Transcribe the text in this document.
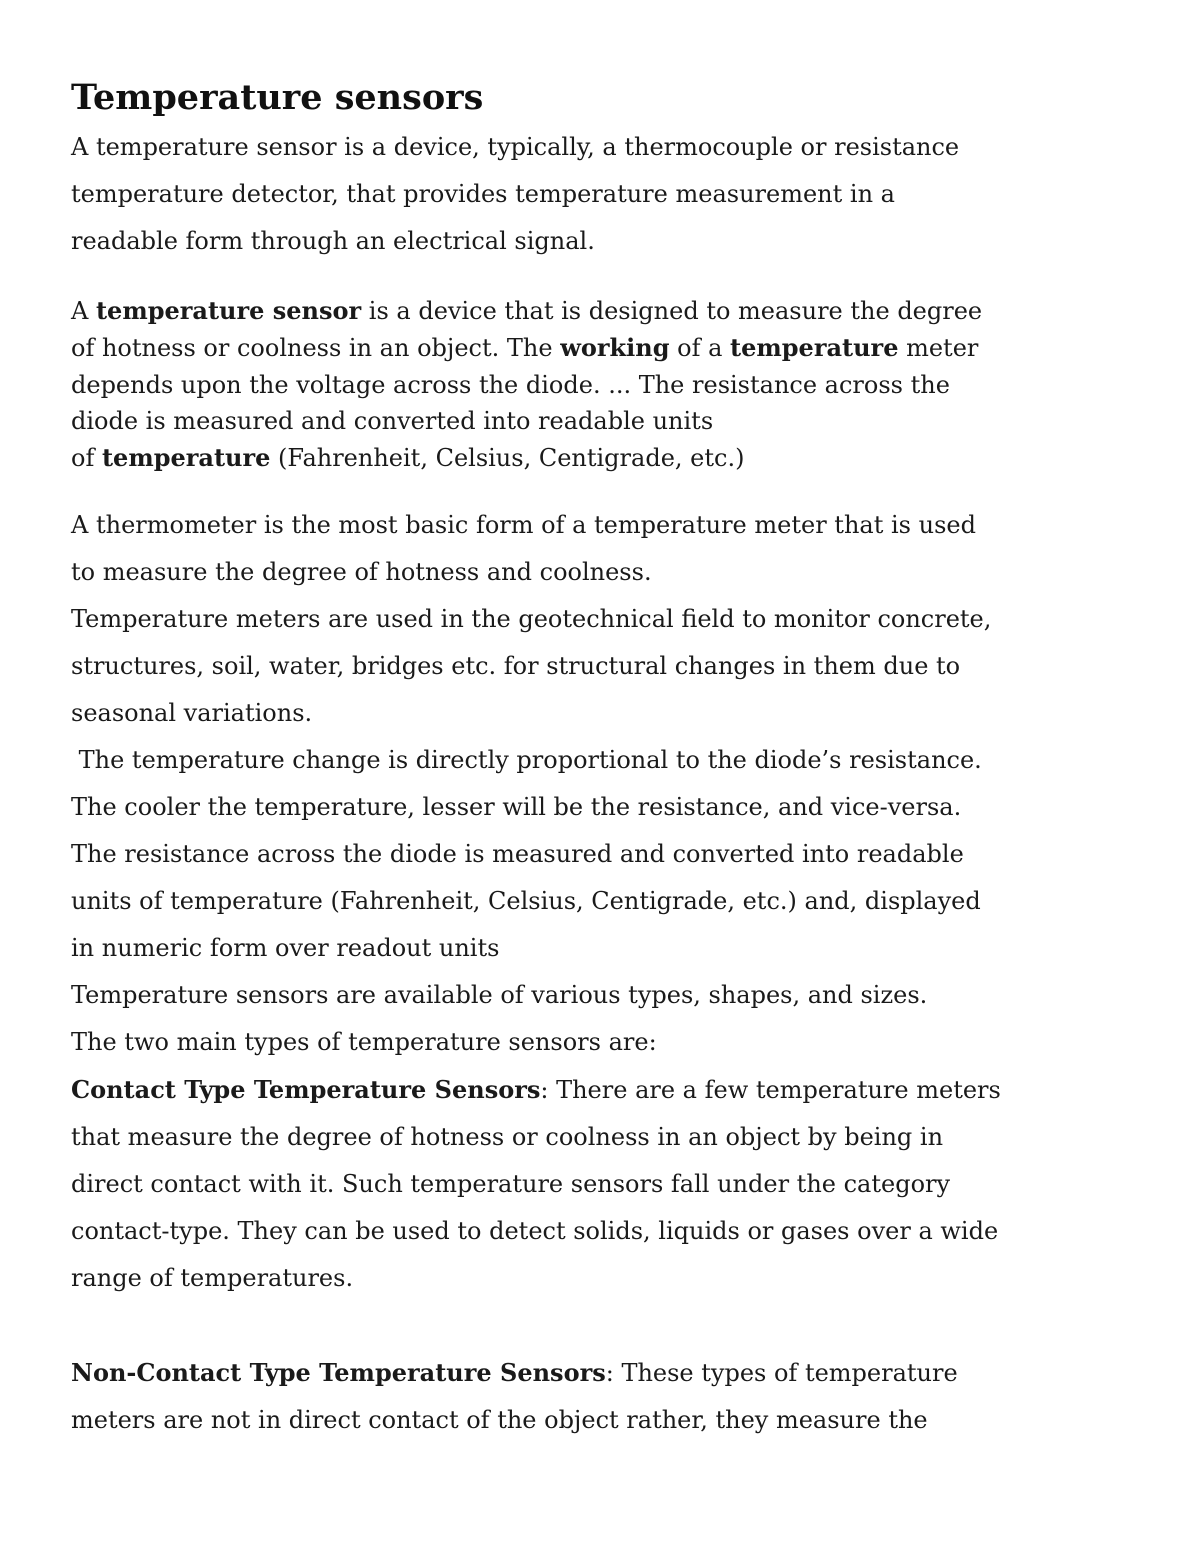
Temperature sensors

A temperature sensor is a device, typically, a thermocouple or resistance
temperature detector, that provides temperature measurement in a
readable form through an electrical signal.

A temperature sensor is a device that is designed to measure the degree
of hotness or coolness in an object. The working of a temperature meter
depends upon the voltage across the diode. ... The resistance across the
diode is measured and converted into readable units
of temperature (Fahrenheit, Celsius, Centigrade, etc.)

A thermometer is the most basic form of a temperature meter that is used
to measure the degree of hotness and coolness.
Temperature meters are used in the geotechnical field to monitor concrete,
structures, soil, water, bridges etc. for structural changes in them due to
seasonal variations.
The temperature change is directly proportional to the diode’s resistance.
The cooler the temperature, lesser will be the resistance, and vice-versa.
The resistance across the diode is measured and converted into readable
units of temperature (Fahrenheit, Celsius, Centigrade, etc.) and, displayed
in numeric form over readout units
Temperature sensors are available of various types, shapes, and sizes.
The two main types of temperature sensors are:
Contact Type Temperature Sensors: There are a few temperature meters
that measure the degree of hotness or coolness in an object by being in
direct contact with it. Such temperature sensors fall under the category
contact-type. They can be used to detect solids, liquids or gases over a wide
range of temperatures.

Non-Contact Type Temperature Sensors: These types of temperature
meters are not in direct contact of the object rather, they measure the
